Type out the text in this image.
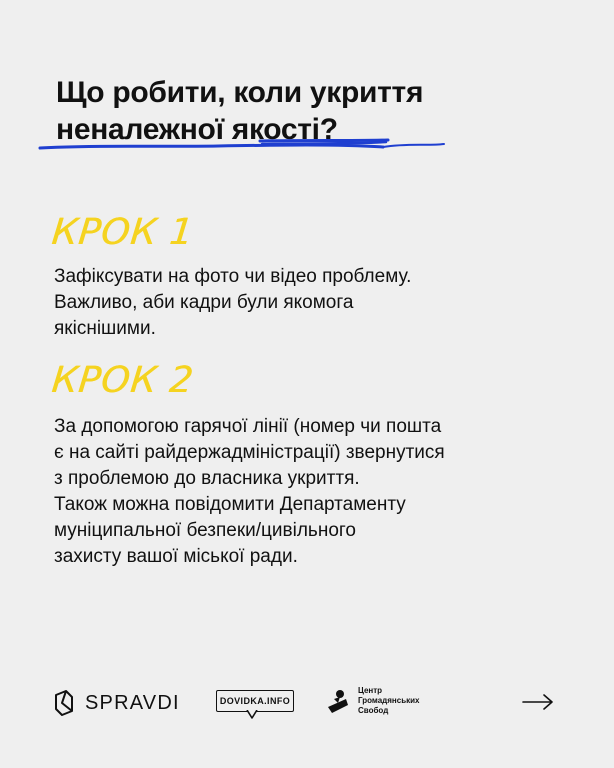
Що робити, коли укриття
неналежної якості?
КРОК 1

Зафіксувати на фото чи відео проблему.
Важливо, аби кадри були якомога
якіснішими.

КРОК 2

За допомогою гарячої лінії (номер чи пошта
є на сайті райдержадміністрації) звернутися
з проблемою до власника укриття.
Також можна повідомити Департаменту
муніципальної безпеки/цивільного
захисту вашої міської ради.

SPRAVDI	DOVIDKA.INFO
Центр
Громадянських
Свобод
